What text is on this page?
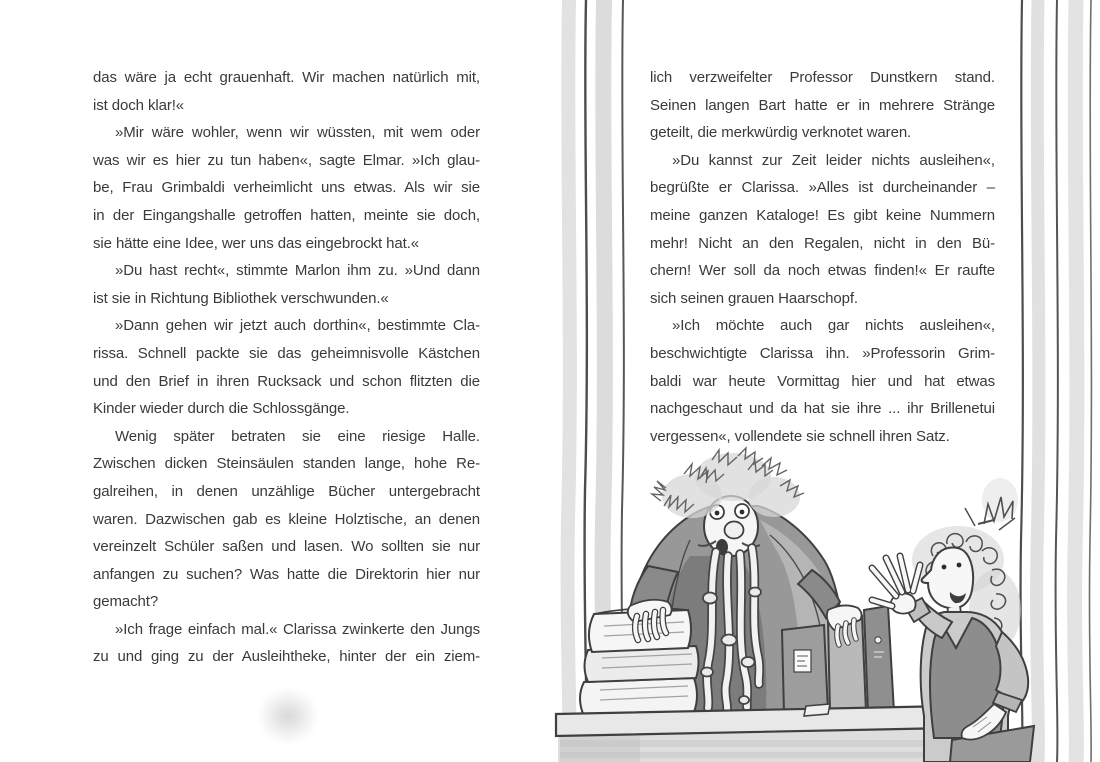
das wäre ja echt grauenhaft. Wir machen natürlich mit,
ist doch klar!«
»Mir wäre wohler, wenn wir wüssten, mit wem oder
was wir es hier zu tun haben«, sagte Elmar. »Ich glau-
be, Frau Grimbaldi verheimlicht uns etwas. Als wir sie
in der Eingangshalle getroffen hatten, meinte sie doch,
sie hätte eine Idee, wer uns das eingebrockt hat.«
»Du hast recht«, stimmte Marlon ihm zu. »Und dann
ist sie in Richtung Bibliothek verschwunden.«
»Dann gehen wir jetzt auch dorthin«, bestimmte Cla-
rissa. Schnell packte sie das geheimnisvolle Kästchen
und den Brief in ihren Rucksack und schon flitzten die
Kinder wieder durch die Schlossgänge.
Wenig später betraten sie eine riesige Halle.
Zwischen dicken Steinsäulen standen lange, hohe Re-
galreihen, in denen unzählige Bücher untergebracht
waren. Dazwischen gab es kleine Holztische, an denen
vereinzelt Schüler saßen und lasen. Wo sollten sie nur
anfangen zu suchen? Was hatte die Direktorin hier nur
gemacht?
»Ich frage einfach mal.« Clarissa zwinkerte den Jungs
zu und ging zu der Ausleihtheke, hinter der ein ziem-
lich verzweifelter Professor Dunstkern stand.
Seinen langen Bart hatte er in mehrere Stränge
geteilt, die merkwürdig verknotet waren.
»Du kannst zur Zeit leider nichts ausleihen«,
begrüßte er Clarissa. »Alles ist durcheinander –
meine ganzen Kataloge! Es gibt keine Nummern
mehr! Nicht an den Regalen, nicht in den Bü-
chern! Wer soll da noch etwas finden!« Er raufte
sich seinen grauen Haarschopf.
»Ich möchte auch gar nichts ausleihen«,
beschwichtigte Clarissa ihn. »Professorin Grim-
baldi war heute Vormittag hier und hat etwas
nachgeschaut und da hat sie ihre ... ihr Brillenetui
vergessen«, vollendete sie schnell ihren Satz.
